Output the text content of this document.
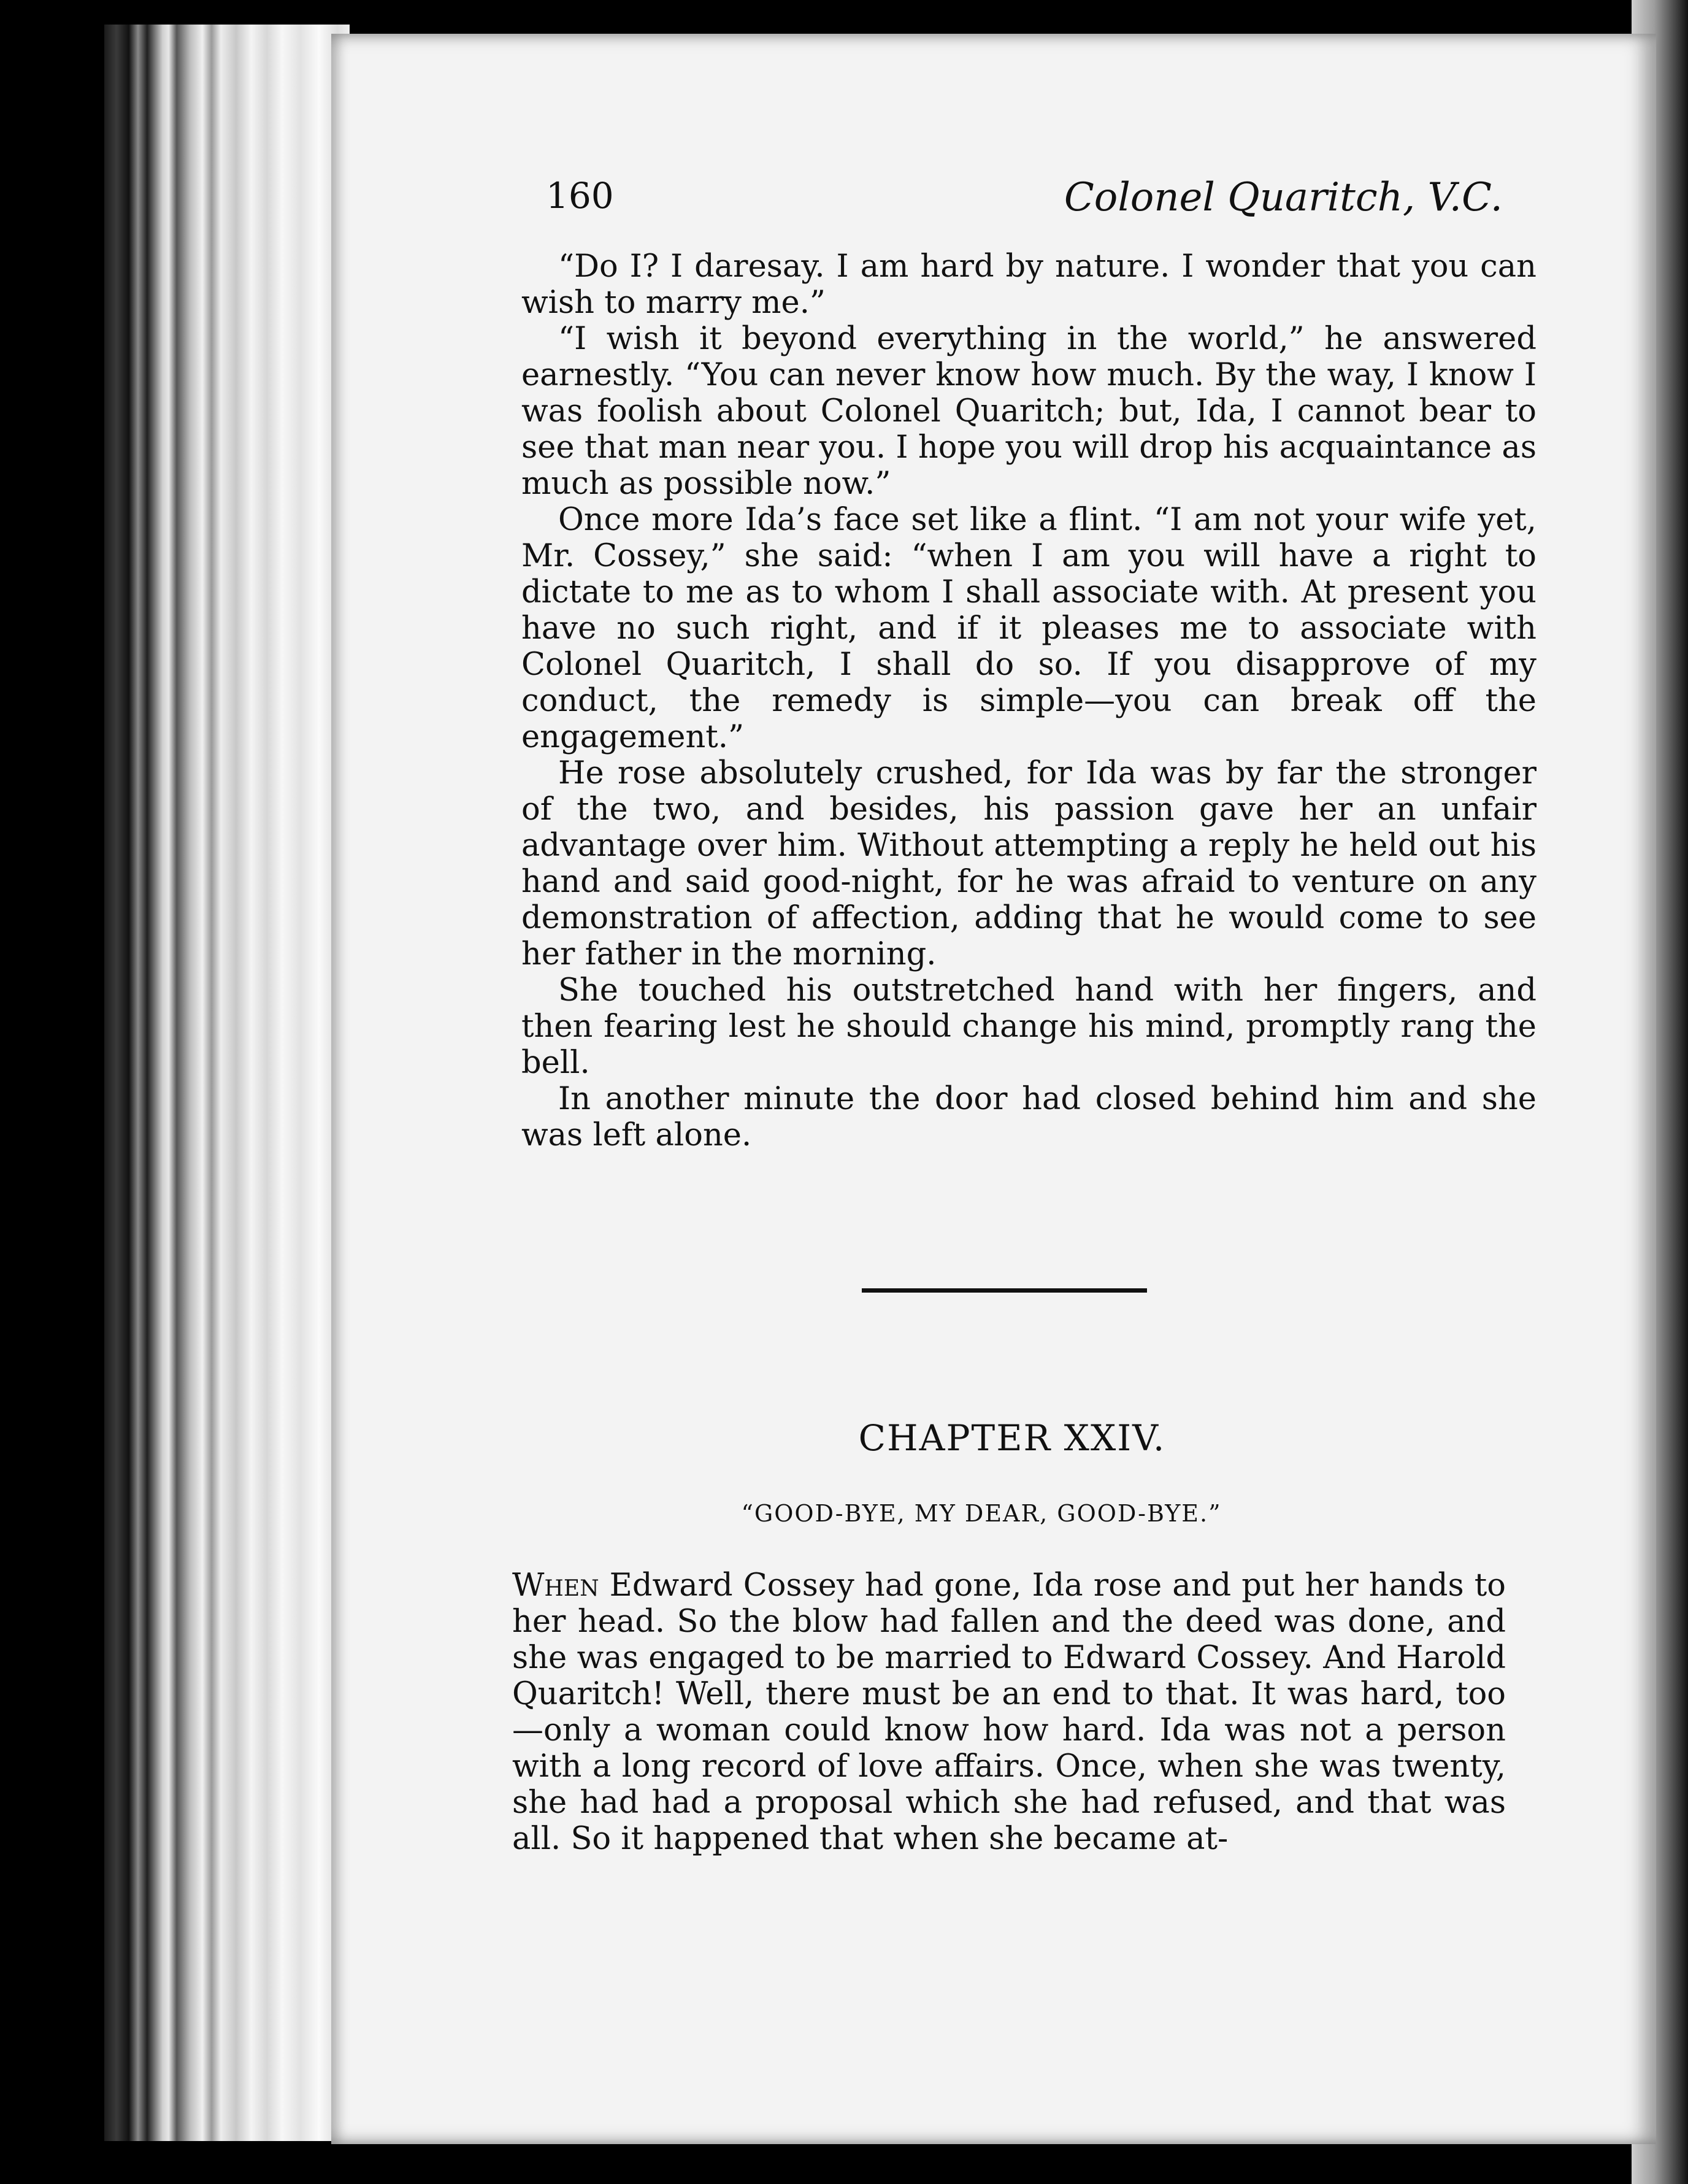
160	Colonel Quaritch, V.C.

“Do I? I daresay. I am hard by nature. I wonder that you can wish to marry me.”

“I wish it beyond everything in the world,” he answered earnestly. “You can never know how much. By the way, I know I was foolish about Colonel Quaritch; but, Ida, I cannot bear to see that man near you. I hope you will drop his acquaintance as much as possible now.”

Once more Ida’s face set like a flint. “I am not your wife yet, Mr. Cossey,” she said: “when I am you will have a right to dictate to me as to whom I shall associate with. At present you have no such right, and if it pleases me to associate with Colonel Quaritch, I shall do so. If you disapprove of my conduct, the remedy is simple—you can break off the engagement.”

He rose absolutely crushed, for Ida was by far the stronger of the two, and besides, his passion gave her an unfair advantage over him. Without attempting a reply he held out his hand and said good-night, for he was afraid to venture on any demonstration of affection, adding that he would come to see her father in the morning.

She touched his outstretched hand with her fingers, and then fearing lest he should change his mind, promptly rang the bell.

In another minute the door had closed behind him and she was left alone.

CHAPTER XXIV.
“GOOD-BYE, MY DEAR, GOOD-BYE.”

When Edward Cossey had gone, Ida rose and put her hands to her head. So the blow had fallen and the deed was done, and she was engaged to be married to Edward Cossey. And Harold Quaritch! Well, there must be an end to that. It was hard, too—only a woman could know how hard. Ida was not a person with a long record of love affairs. Once, when she was twenty, she had had a proposal which she had refused, and that was all. So it happened that when she became at-
